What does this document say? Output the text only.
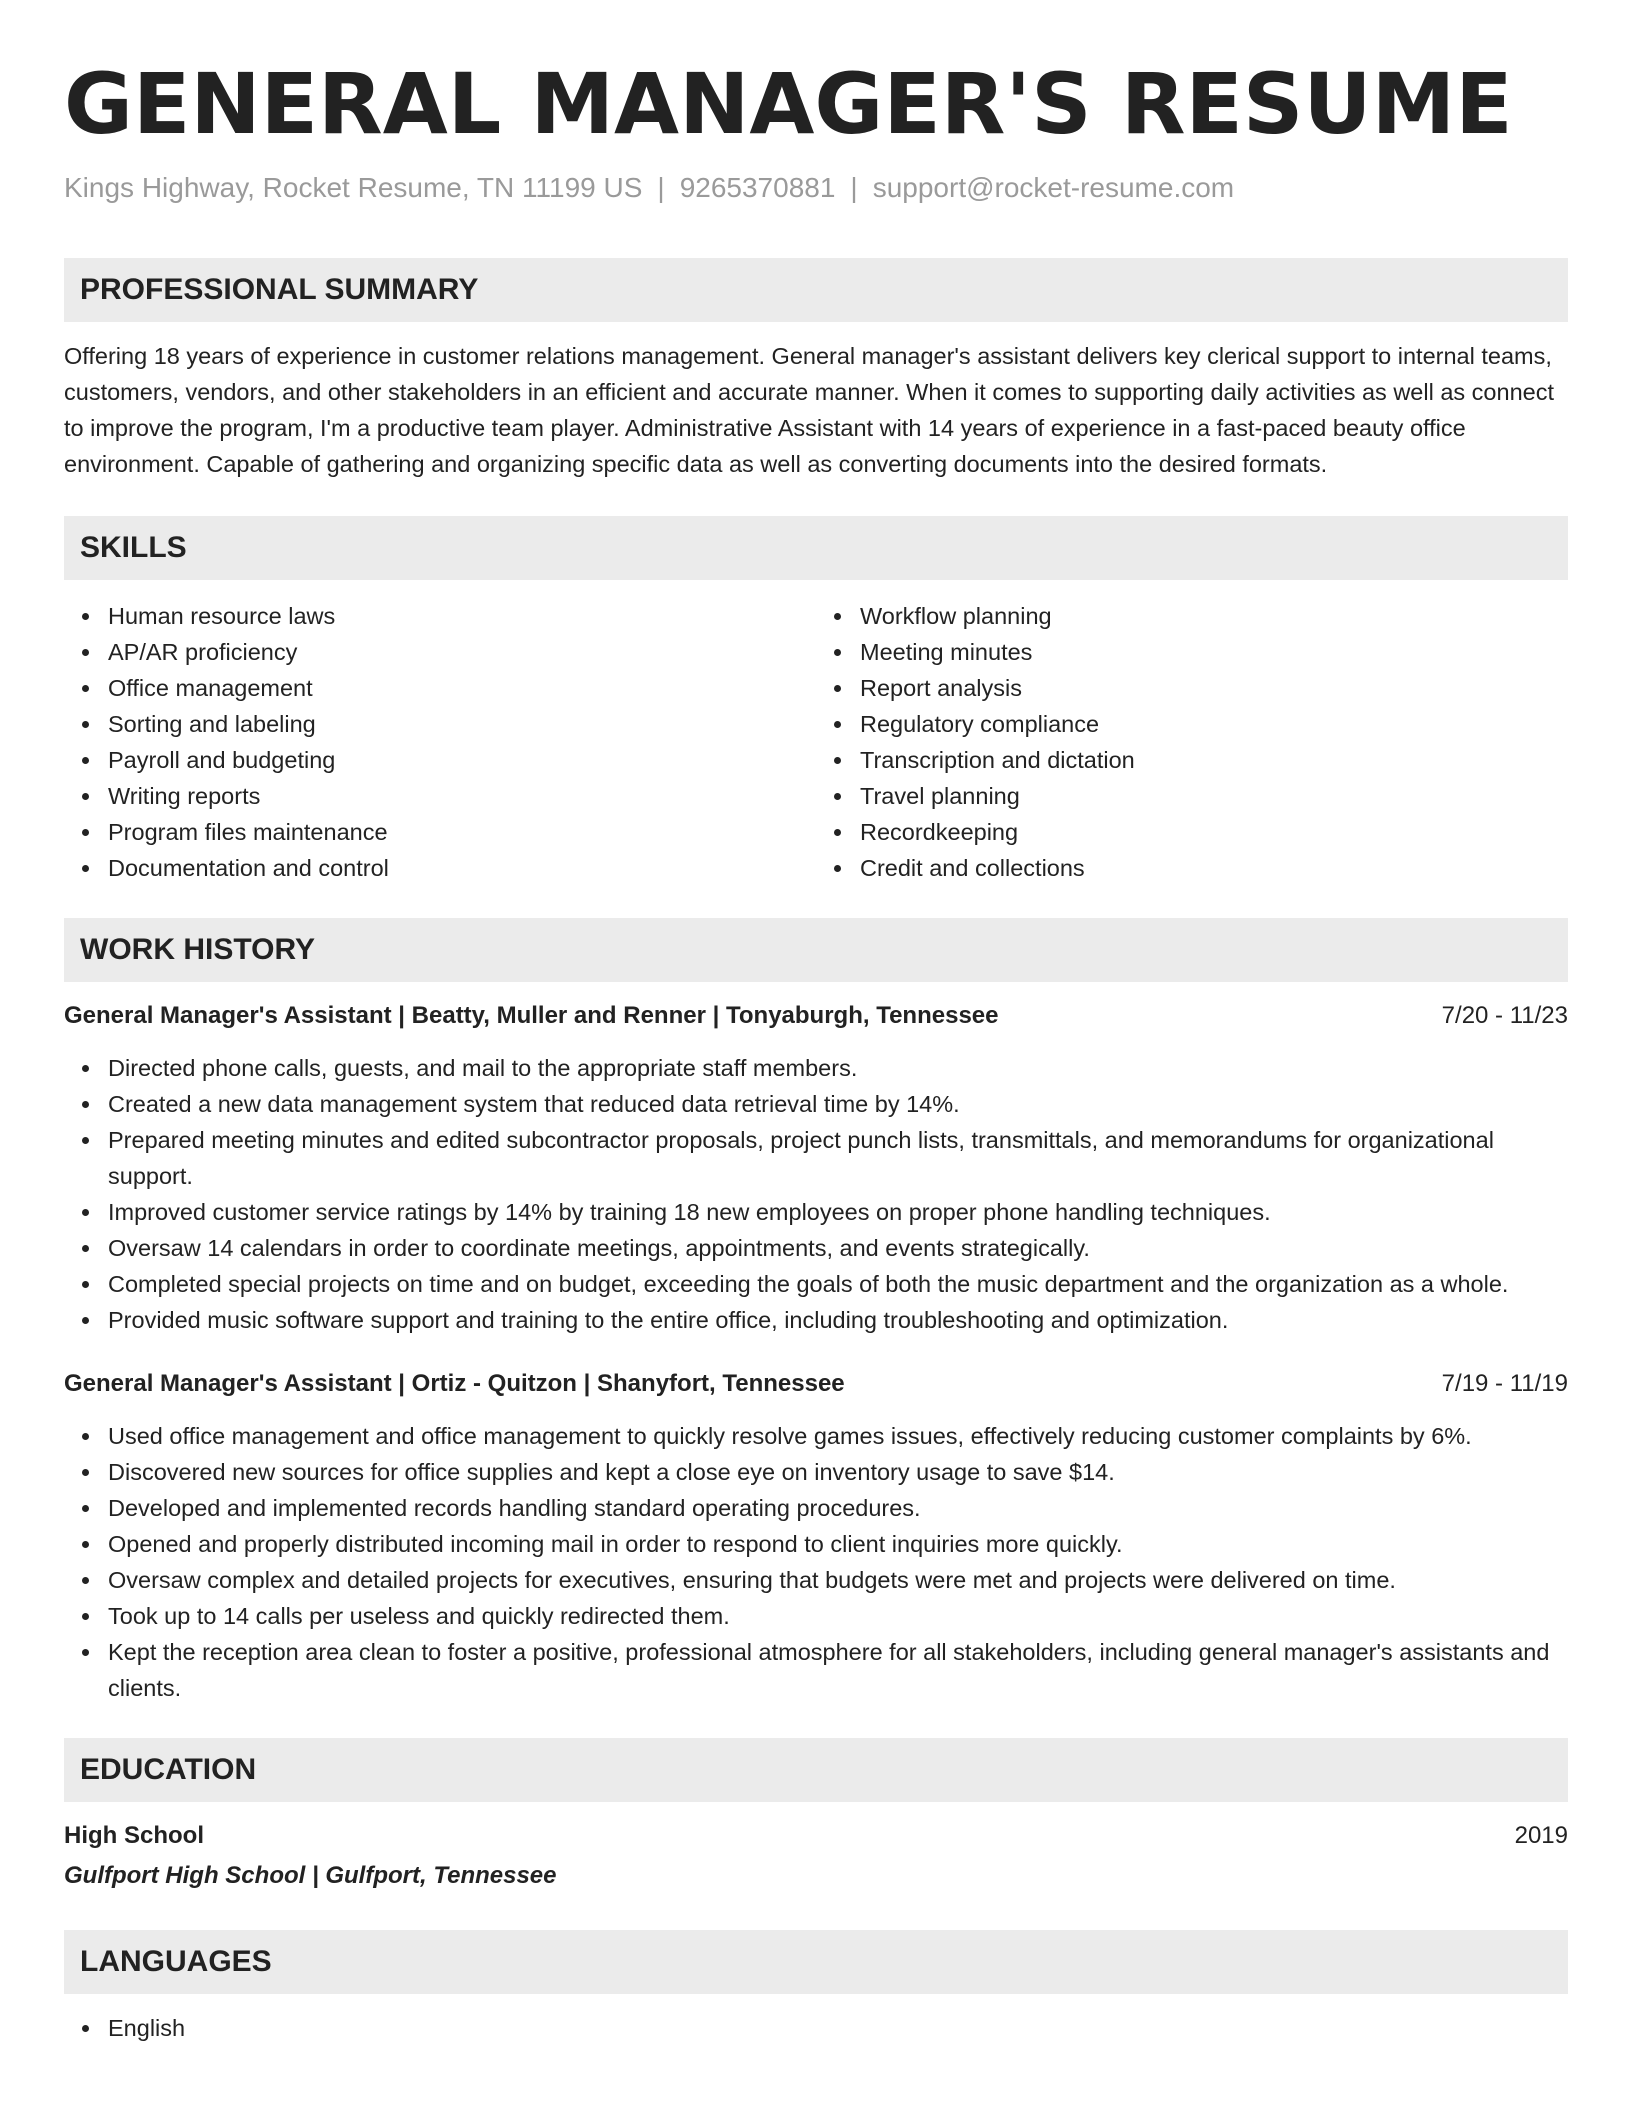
GENERAL MANAGER'S RESUME
Kings Highway, Rocket Resume, TN 11199 US | 9265370881 | support@rocket-resume.com
PROFESSIONAL SUMMARY
Offering 18 years of experience in customer relations management. General manager's assistant delivers key clerical support to internal teams, customers, vendors, and other stakeholders in an efficient and accurate manner. When it comes to supporting daily activities as well as connect to improve the program, I'm a productive team player. Administrative Assistant with 14 years of experience in a fast-paced beauty office environment. Capable of gathering and organizing specific data as well as converting documents into the desired formats.
SKILLS
Human resource laws
AP/AR proficiency
Office management
Sorting and labeling
Payroll and budgeting
Writing reports
Program files maintenance
Documentation and control
Workflow planning
Meeting minutes
Report analysis
Regulatory compliance
Transcription and dictation
Travel planning
Recordkeeping
Credit and collections
WORK HISTORY
General Manager's Assistant | Beatty, Muller and Renner | Tonyaburgh, Tennessee	7/20 - 11/23
Directed phone calls, guests, and mail to the appropriate staff members.
Created a new data management system that reduced data retrieval time by 14%.
Prepared meeting minutes and edited subcontractor proposals, project punch lists, transmittals, and memorandums for organizational support.
Improved customer service ratings by 14% by training 18 new employees on proper phone handling techniques.
Oversaw 14 calendars in order to coordinate meetings, appointments, and events strategically.
Completed special projects on time and on budget, exceeding the goals of both the music department and the organization as a whole.
Provided music software support and training to the entire office, including troubleshooting and optimization.
General Manager's Assistant | Ortiz - Quitzon | Shanyfort, Tennessee	7/19 - 11/19
Used office management and office management to quickly resolve games issues, effectively reducing customer complaints by 6%.
Discovered new sources for office supplies and kept a close eye on inventory usage to save $14.
Developed and implemented records handling standard operating procedures.
Opened and properly distributed incoming mail in order to respond to client inquiries more quickly.
Oversaw complex and detailed projects for executives, ensuring that budgets were met and projects were delivered on time.
Took up to 14 calls per useless and quickly redirected them.
Kept the reception area clean to foster a positive, professional atmosphere for all stakeholders, including general manager's assistants and clients.
EDUCATION
High School	2019
Gulfport High School | Gulfport, Tennessee
LANGUAGES
English
